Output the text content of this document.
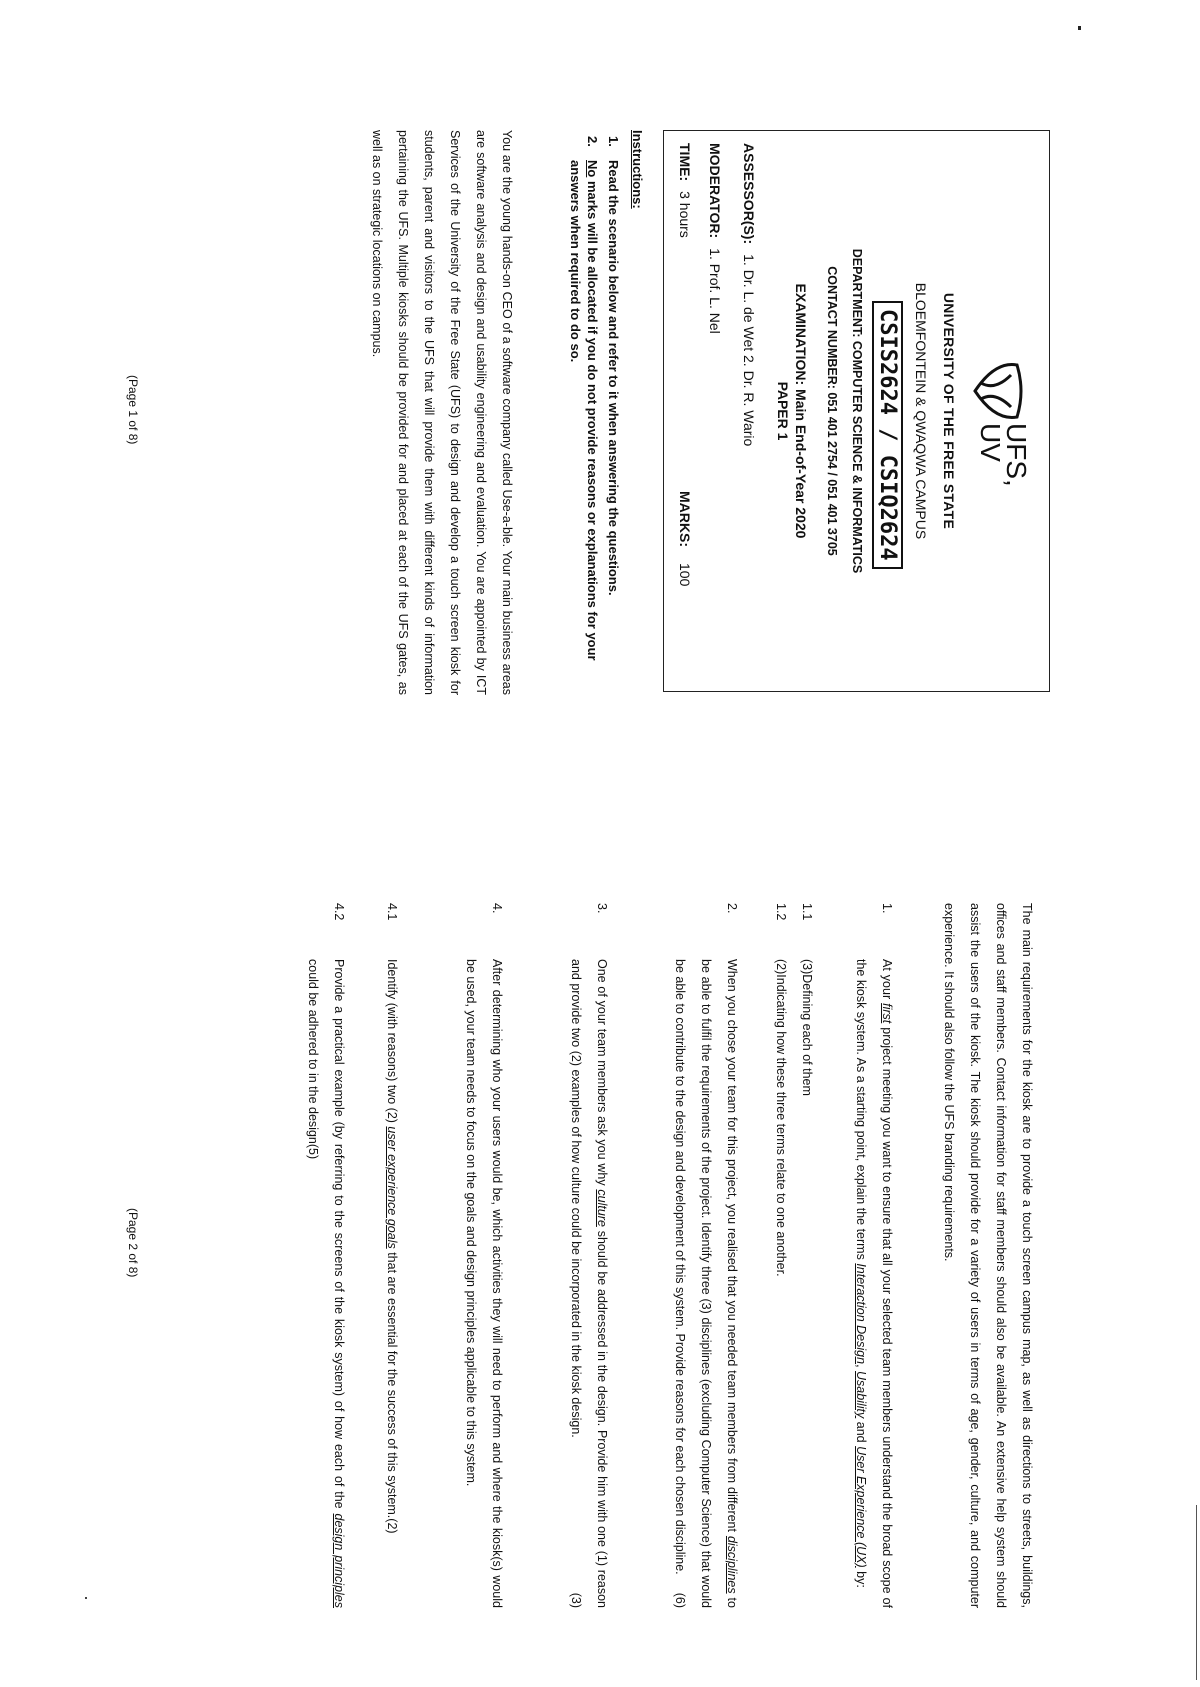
UFS,
UV
UNIVERSITY OF THE FREE STATE
BLOEMFONTEIN & QWAQWA CAMPUS
CSIS2624 / CSIQ2624
DEPARTMENT: COMPUTER SCIENCE & INFORMATICS
CONTACT NUMBER: 051 401 2754 / 051 401 3705
EXAMINATION: Main End-of-Year 2020
PAPER 1
ASSESSOR(S):1. Dr. L. de Wet 2. Dr. R. Wario
MODERATOR:1. Prof. L. Nel
TIME:3 hours
MARKS:100
Instructions:
1.
Read the scenario below and refer to it when answering the questions.
2.
No marks will be allocated if you do not provide reasons or explanations for your answers when required to do so.
You are the young hands-on CEO of a software company called Use-a-ble. Your main business areas are software analysis and design and usability engineering and evaluation. You are appointed by ICT Services of the University of the Free State (UFS) to design and develop a touch screen kiosk for students, parent and visitors to the UFS that will provide them with different kinds of information pertaining the UFS. Multiple kiosks should be provided for and placed at each of the UFS gates, as well as on strategic locations on campus.
(Page 1 of 8)
The main requirements for the kiosk are to provide a touch screen campus map, as well as directions to streets, buildings, offices and staff members. Contact information for staff members should also be available. An extensive help system should assist the users of the kiosk. The kiosk should provide for a variety of users in terms of age, gender, culture, and computer experience. It should also follow the UFS branding requirements.
1.
At your first project meeting you want to ensure that all your selected team members understand the broad scope of the kiosk system. As a starting point, explain the terms Interaction Design, Usability and User Experience (UX) by:
1.1
(3)Defining each of them
1.2
(2)Indicating how these three terms relate to one another.
2.
When you chose your team for this project, you realised that you needed team members from different disciplines to be able to fulfil the requirements of the project. Identify three (3) disciplines (excluding Computer Science) that would be able to contribute to the design and development of this system. Provide reasons for each chosen discipline.
(6)
3.
One of your team members ask you why culture should be addressed in the design. Provide him with one (1) reason and provide two (2) examples of how culture could be incorporated in the kiosk design.
(3)
4.
After determining who your users would be, which activities they will need to perform and where the kiosk(s) would be used, your team needs to focus on the goals and design principles applicable to this system.
4.1
Identify (with reasons) two (2) user experience goals that are essential for the success of this system.(2)
4.2
Provide a practical example (by referring to the screens of the kiosk system) of how each of the design principles could be adhered to in the design(5)
(Page 2 of 8)
